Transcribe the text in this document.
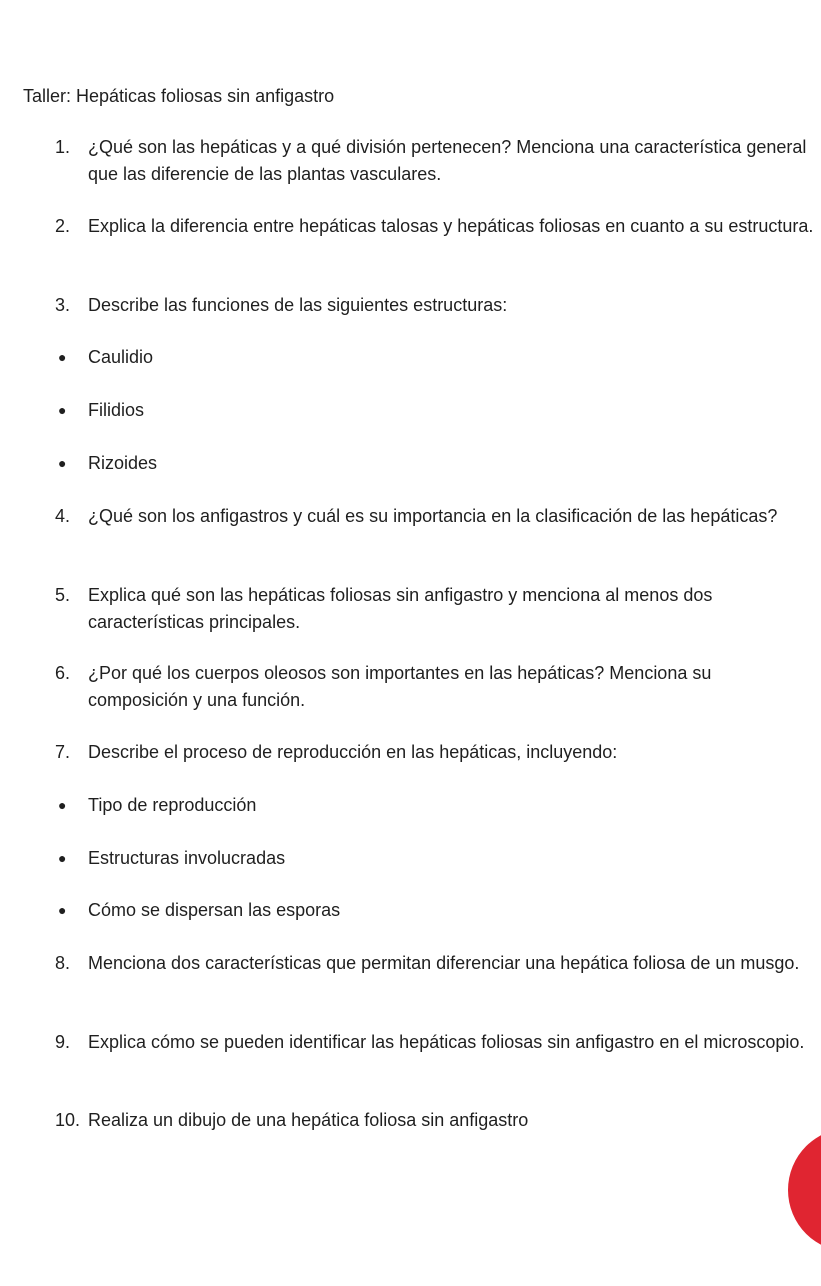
Taller: Hepáticas foliosas sin anfigastro
1. ¿Qué son las hepáticas y a qué división pertenecen? Menciona una característica general que las diferencie de las plantas vasculares.
2. Explica la diferencia entre hepáticas talosas y hepáticas foliosas en cuanto a su estructura.
3. Describe las funciones de las siguientes estructuras:
● Caulidio
● Filidios
● Rizoides
4. ¿Qué son los anfigastros y cuál es su importancia en la clasificación de las hepáticas?
5. Explica qué son las hepáticas foliosas sin anfigastro y menciona al menos dos características principales.
6. ¿Por qué los cuerpos oleosos son importantes en las hepáticas? Menciona su composición y una función.
7. Describe el proceso de reproducción en las hepáticas, incluyendo:
● Tipo de reproducción
● Estructuras involucradas
● Cómo se dispersan las esporas
8. Menciona dos características que permitan diferenciar una hepática foliosa de un musgo.
9. Explica cómo se pueden identificar las hepáticas foliosas sin anfigastro en el microscopio.
10. Realiza un dibujo de una hepática foliosa sin anfigastro
